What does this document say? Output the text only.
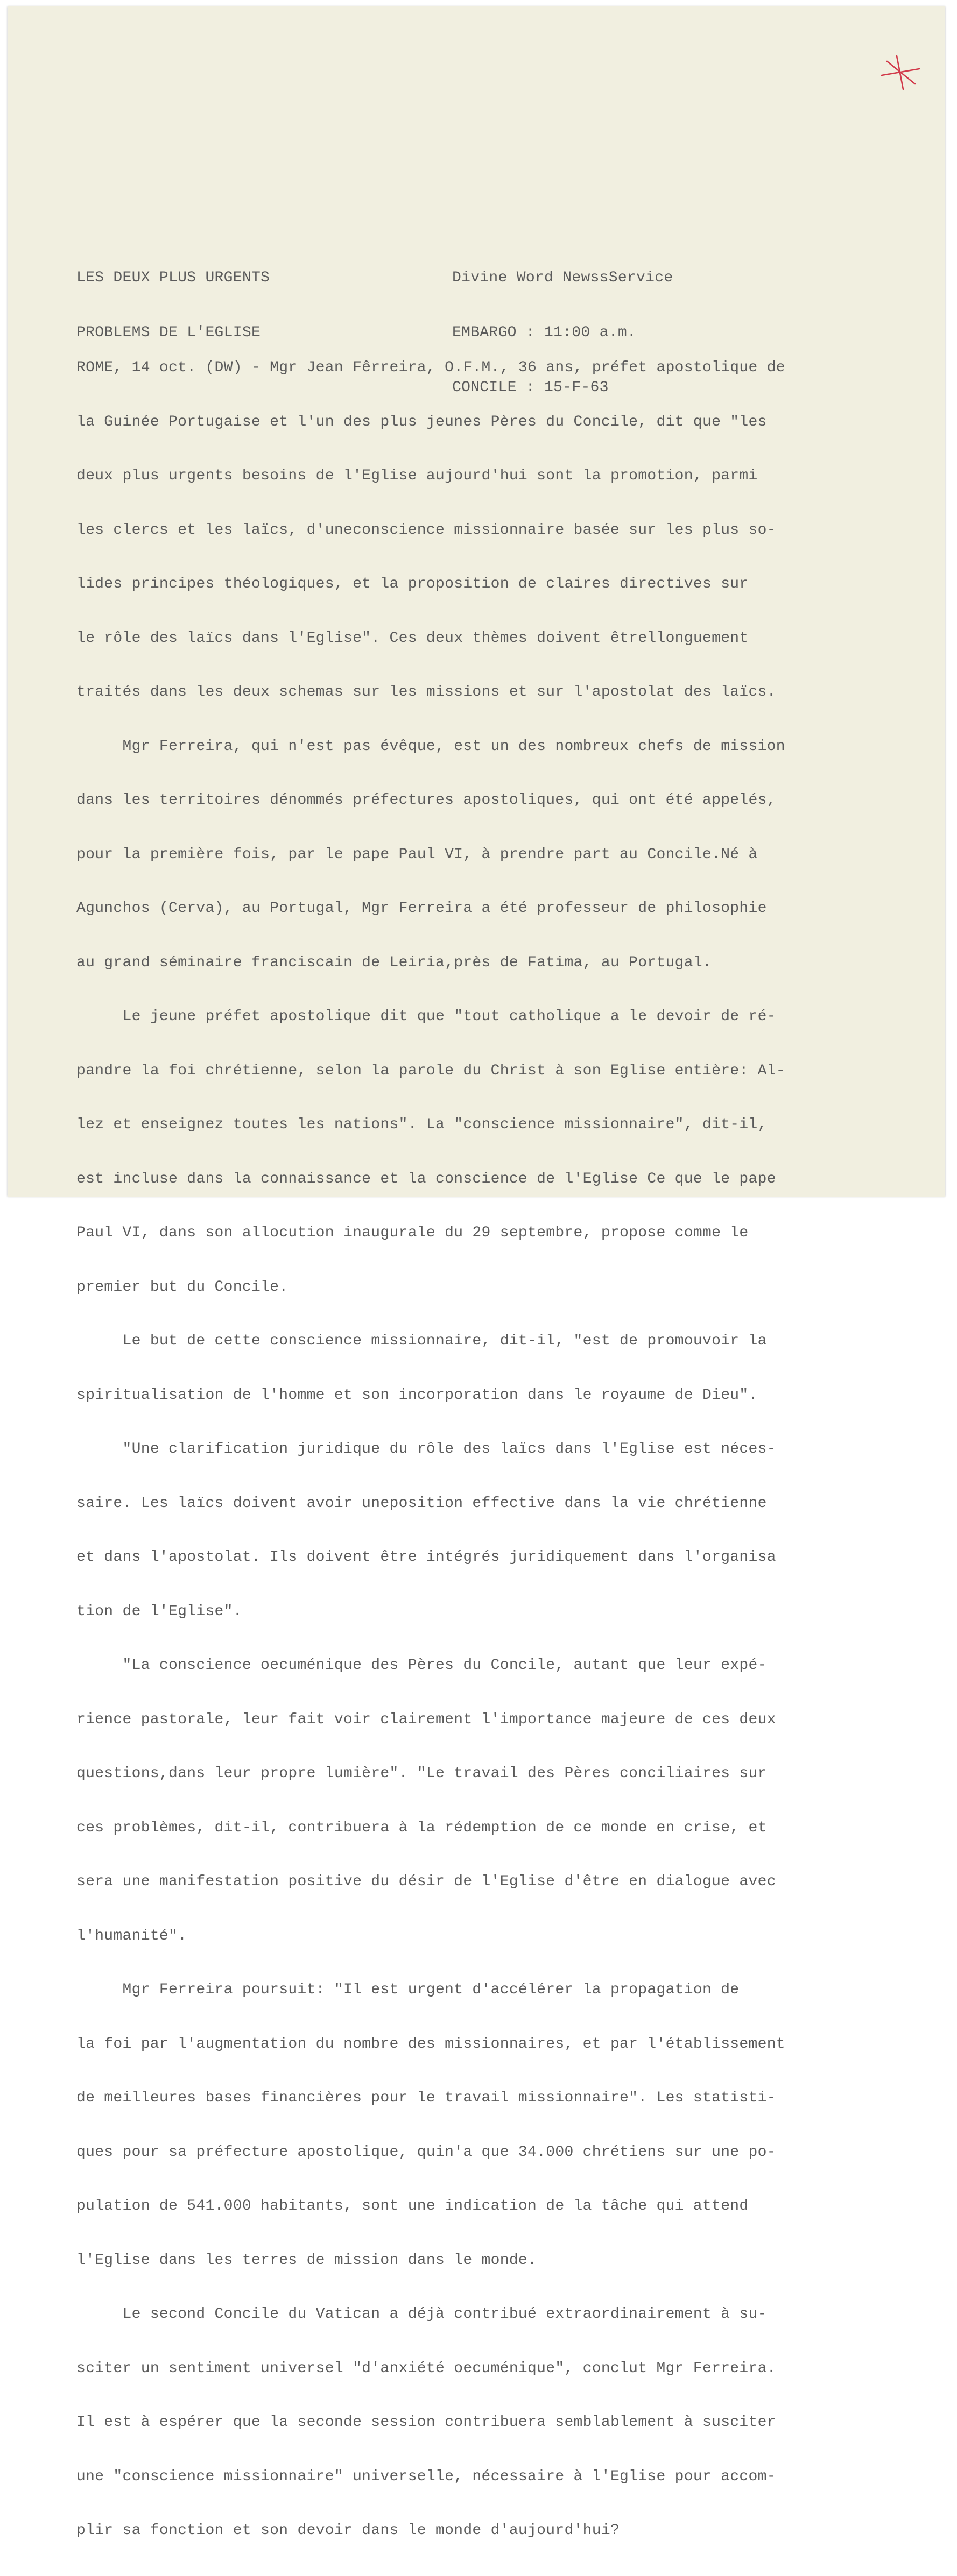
LES DEUX PLUS URGENTS

PROBLEMS DE L'EGLISE

Divine Word NewssService

EMBARGO : 11:00 a.m.

CONCILE : 15-F-63

ROME, 14 oct. (DW) - Mgr Jean Fêrreira, O.F.M., 36 ans, préfet apostolique de

la Guinée Portugaise et l'un des plus jeunes Pères du Concile, dit que "les

deux plus urgents besoins de l'Eglise aujourd'hui sont la promotion, parmi

les clercs et les laïcs, d'uneconscience missionnaire basée sur les plus so-

lides principes théologiques, et la proposition de claires directives sur

le rôle des laïcs dans l'Eglise". Ces deux thèmes doivent êtrellonguement

traités dans les deux schemas sur les missions et sur l'apostolat des laïcs.

Mgr Ferreira, qui n'est pas évêque, est un des nombreux chefs de mission

dans les territoires dénommés préfectures apostoliques, qui ont été appelés,

pour la première fois, par le pape Paul VI, à prendre part au Concile.Né à

Agunchos (Cerva), au Portugal, Mgr Ferreira a été professeur de philosophie

au grand séminaire franciscain de Leiria,près de Fatima, au Portugal.

Le jeune préfet apostolique dit que "tout catholique a le devoir de ré-

pandre la foi chrétienne, selon la parole du Christ à son Eglise entière: Al-

lez et enseignez toutes les nations". La "conscience missionnaire", dit-il,

est incluse dans la connaissance et la conscience de l'Eglise Ce que le pape

Paul VI, dans son allocution inaugurale du 29 septembre, propose comme le

premier but du Concile.

Le but de cette conscience missionnaire, dit-il, "est de promouvoir la

spiritualisation de l'homme et son incorporation dans le royaume de Dieu".

"Une clarification juridique du rôle des laïcs dans l'Eglise est néces-

saire. Les laïcs doivent avoir uneposition effective dans la vie chrétienne

et dans l'apostolat. Ils doivent être intégrés juridiquement dans l'organisa

tion de l'Eglise".

"La conscience oecuménique des Pères du Concile, autant que leur expé-

rience pastorale, leur fait voir clairement l'importance majeure de ces deux

questions,dans leur propre lumière". "Le travail des Pères conciliaires sur

ces problèmes, dit-il, contribuera à la rédemption de ce monde en crise, et

sera une manifestation positive du désir de l'Eglise d'être en dialogue avec

l'humanité".

Mgr Ferreira poursuit: "Il est urgent d'accélérer la propagation de

la foi par l'augmentation du nombre des missionnaires, et par l'établissement

de meilleures bases financières pour le travail missionnaire". Les statisti-

ques pour sa préfecture apostolique, quin'a que 34.000 chrétiens sur une po-

pulation de 541.000 habitants, sont une indication de la tâche qui attend

l'Eglise dans les terres de mission dans le monde.

Le second Concile du Vatican a déjà contribué extraordinairement à su-

sciter un sentiment universel "d'anxiété oecuménique", conclut Mgr Ferreira.

Il est à espérer que la seconde session contribuera semblablement à susciter

une "conscience missionnaire" universelle, nécessaire à l'Eglise pour accom-

plir sa fonction et son devoir dans le monde d'aujourd'hui?
